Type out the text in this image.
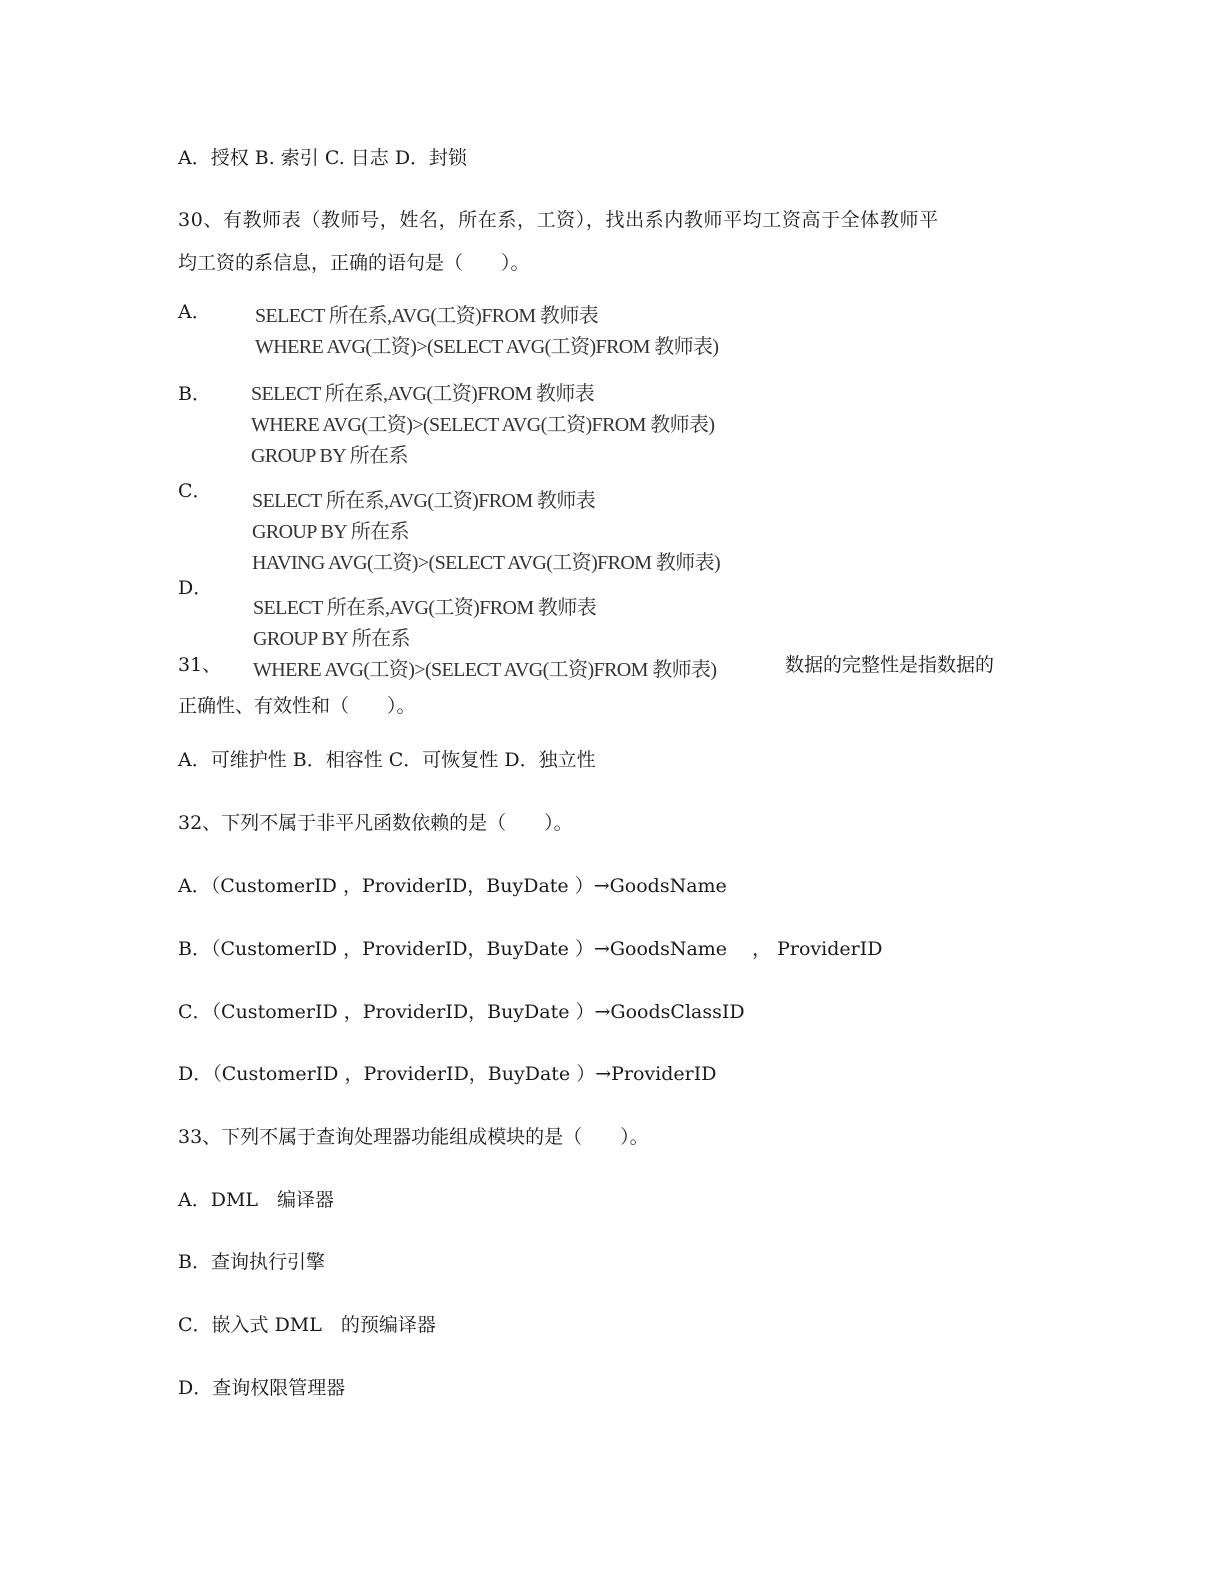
A．授权 B. 索引 C. 日志 D．封锁
30、有教师表（教师号，姓名，所在系，工资），找出系内教师平均工资高于全体教师平
均工资的系信息，正确的语句是（　　）。
A． SELECT 所在系,AVG(工资)FROM 教师表
WHERE AVG(工资)>(SELECT AVG(工资)FROM 教师表)
B． SELECT 所在系,AVG(工资)FROM 教师表
WHERE AVG(工资)>(SELECT AVG(工资)FROM 教师表)
GROUP BY 所在系
C． SELECT 所在系,AVG(工资)FROM 教师表
GROUP BY 所在系
HAVING AVG(工资)>(SELECT AVG(工资)FROM 教师表)
D．
SELECT 所在系,AVG(工资)FROM 教师表
GROUP BY 所在系
WHERE AVG(工资)>(SELECT AVG(工资)FROM 教师表)
31、	数据的完整性是指数据的
正确性、有效性和（　　）。
A．可维护性 B．相容性 C．可恢复性 D．独立性
32、下列不属于非平凡函数依赖的是（　　）。
A．（CustomerID ，ProviderID，BuyDate ）→GoodsName
B．（CustomerID ，ProviderID，BuyDate ）→GoodsName　 ， ProviderID
C．（CustomerID ，ProviderID，BuyDate ）→GoodsClassID
D．（CustomerID ，ProviderID，BuyDate ）→ProviderID
33、下列不属于查询处理器功能组成模块的是（　　）。
A．DML　编译器
B．查询执行引擎
C．嵌入式 DML　的预编译器
D．查询权限管理器
